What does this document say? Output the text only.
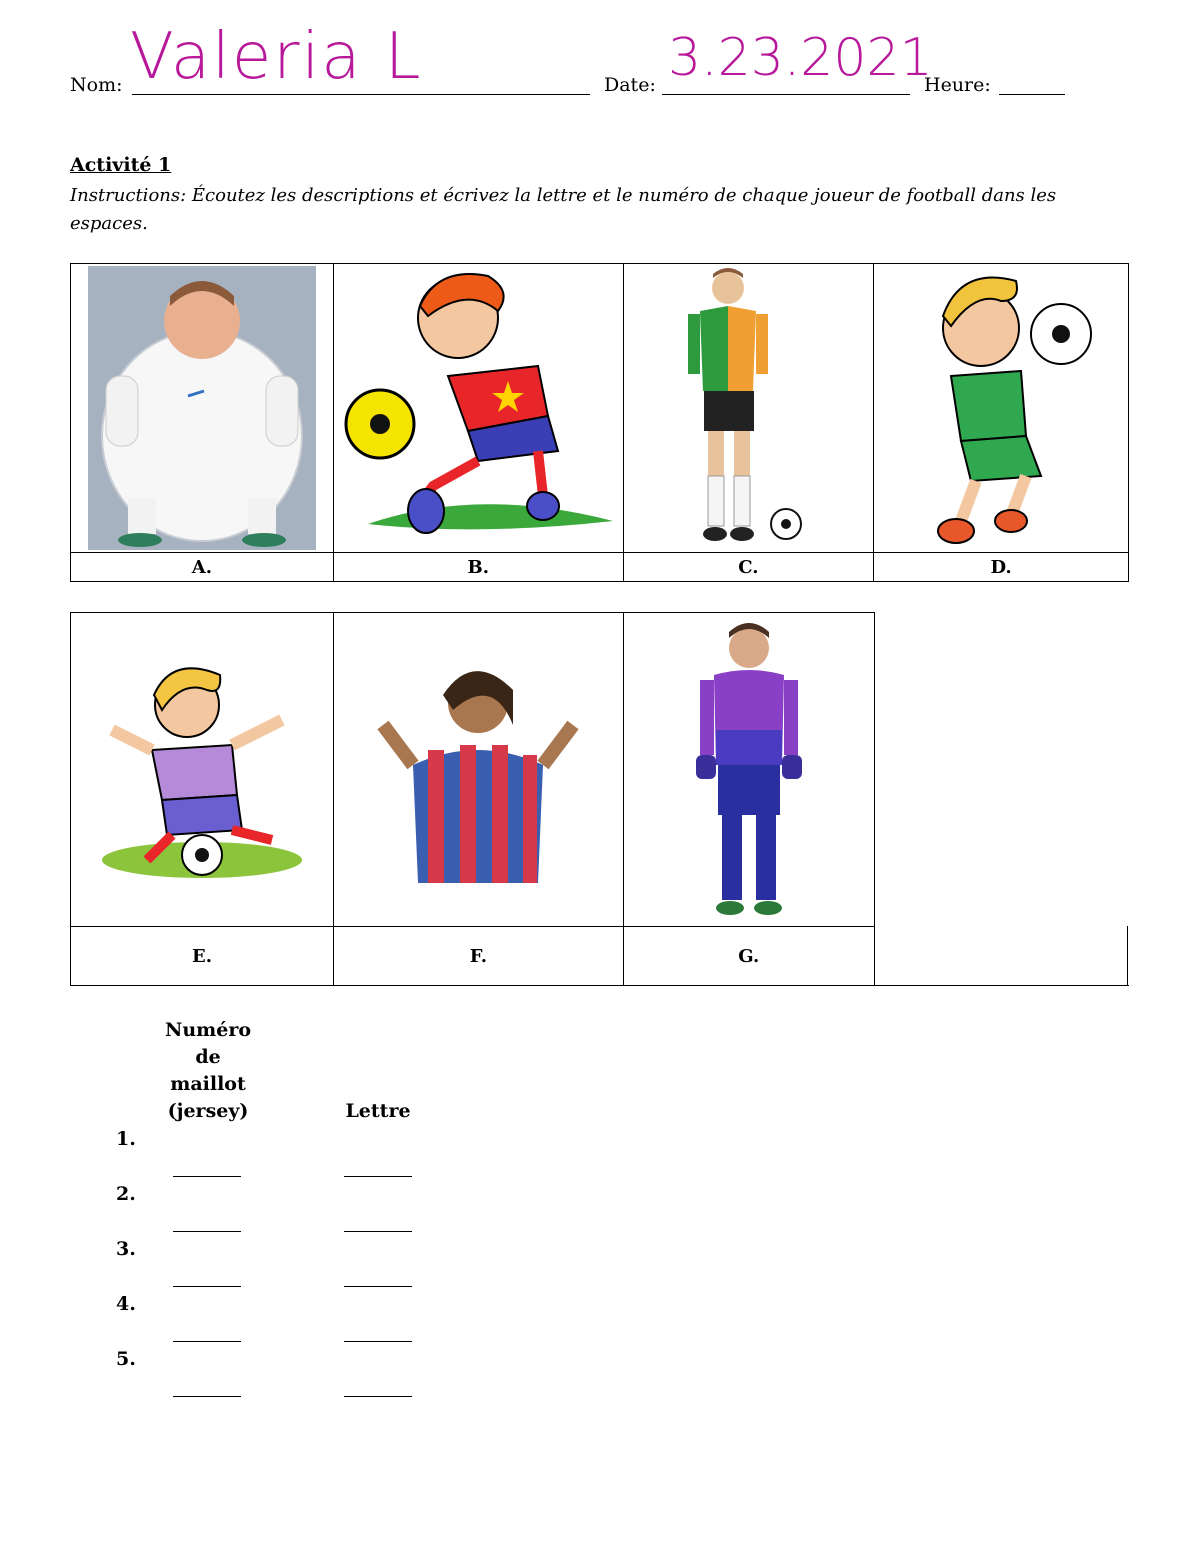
Nom:	Date:	Heure:
Valeria L	3.23.2021
Activité 1
Instructions: Écoutez les descriptions et écrivez la lettre et le numéro de chaque joueur de football dans les espaces.

A.	B.	C.	D.

E.	F.	G.	
Numéro
de
maillot
(jersey)	Lettre
1.
2.
3.
4.
5.
